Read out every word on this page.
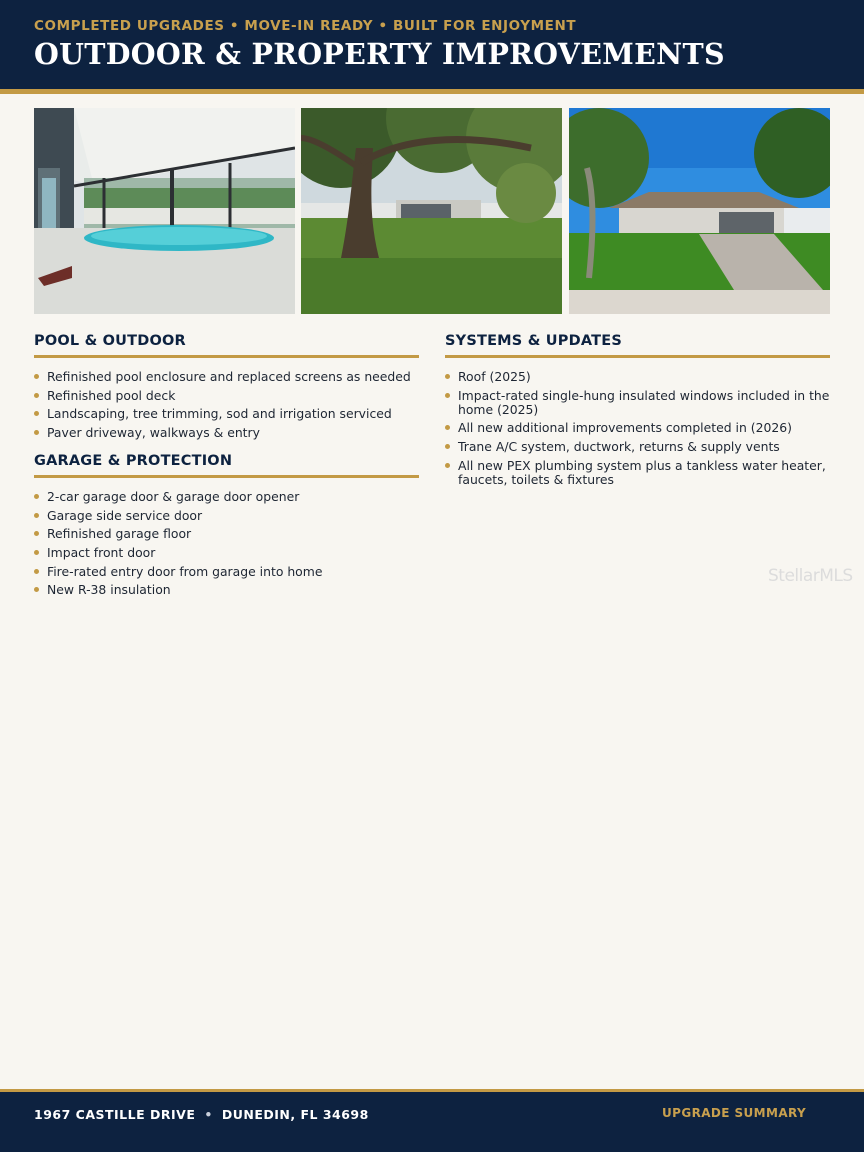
COMPLETED UPGRADES • MOVE-IN READY • BUILT FOR ENJOYMENT
OUTDOOR & PROPERTY IMPROVEMENTS
POOL & OUTDOOR
Refinished pool enclosure and replaced screens as needed
Refinished pool deck
Landscaping, tree trimming, sod and irrigation serviced
Paver driveway, walkways & entry
GARAGE & PROTECTION
2-car garage door & garage door opener
Garage side service door
Refinished garage floor
Impact front door
Fire-rated entry door from garage into home
New R-38 insulation
SYSTEMS & UPDATES
Roof (2025)
Impact-rated single-hung insulated windows included in the home (2025)
All new additional improvements completed in (2026)
Trane A/C system, ductwork, returns & supply vents
All new PEX plumbing system plus a tankless water heater, faucets, toilets & fixtures
StellarMLS
1967 CASTILLE DRIVE • DUNEDIN, FL 34698	UPGRADE SUMMARY
